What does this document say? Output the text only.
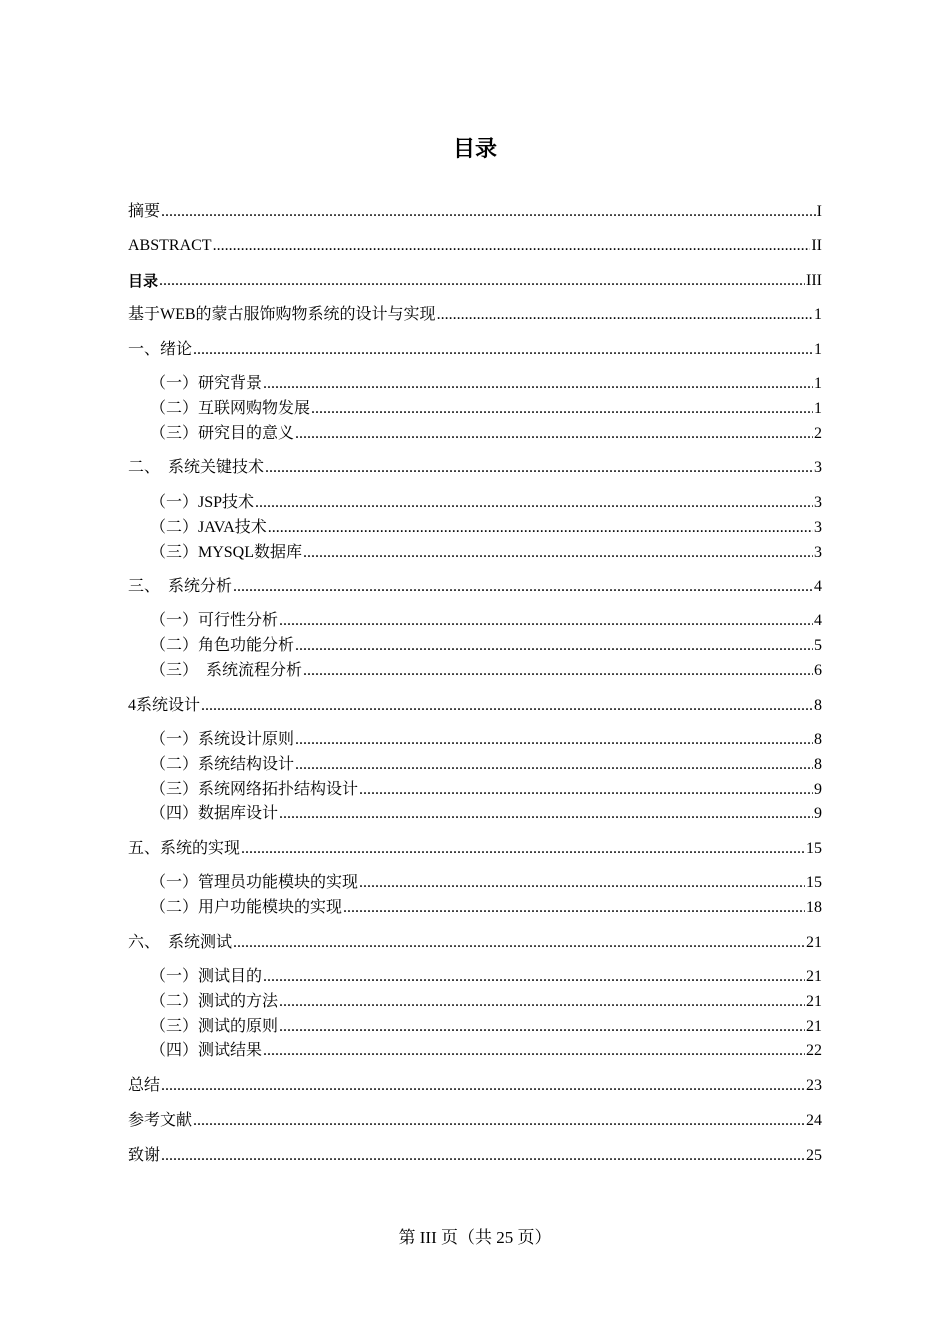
目录
摘要 .....	I
ABSTRACT .....	II
目录 .....	III
基于WEB的蒙古服饰购物系统的设计与实现 .....	1
一、绪论 .....	1
（一）研究背景 .....	1
（二）互联网购物发展 .....	1
（三）研究目的意义 .....	2
二、  系统关键技术 .....	3
（一）JSP技术 .....	3
（二）JAVA技术 .....	3
（三）MYSQL数据库 .....	3
三、  系统分析 .....	4
（一）可行性分析 .....	4
（二）角色功能分析 .....	5
（三）  系统流程分析 .....	6
4系统设计 .....	8
（一）系统设计原则 .....	8
（二）系统结构设计 .....	8
（三）系统网络拓扑结构设计 .....	9
（四）数据库设计 .....	9
五、系统的实现 .....	15
（一）管理员功能模块的实现 .....	15
（二）用户功能模块的实现 .....	18
六、  系统测试 .....	21
（一）测试目的 .....	21
（二）测试的方法 .....	21
（三）测试的原则 .....	21
（四）测试结果 .....	22
总结 .....	23
参考文献 .....	24
致谢 .....	25
第 III 页（共 25 页）
